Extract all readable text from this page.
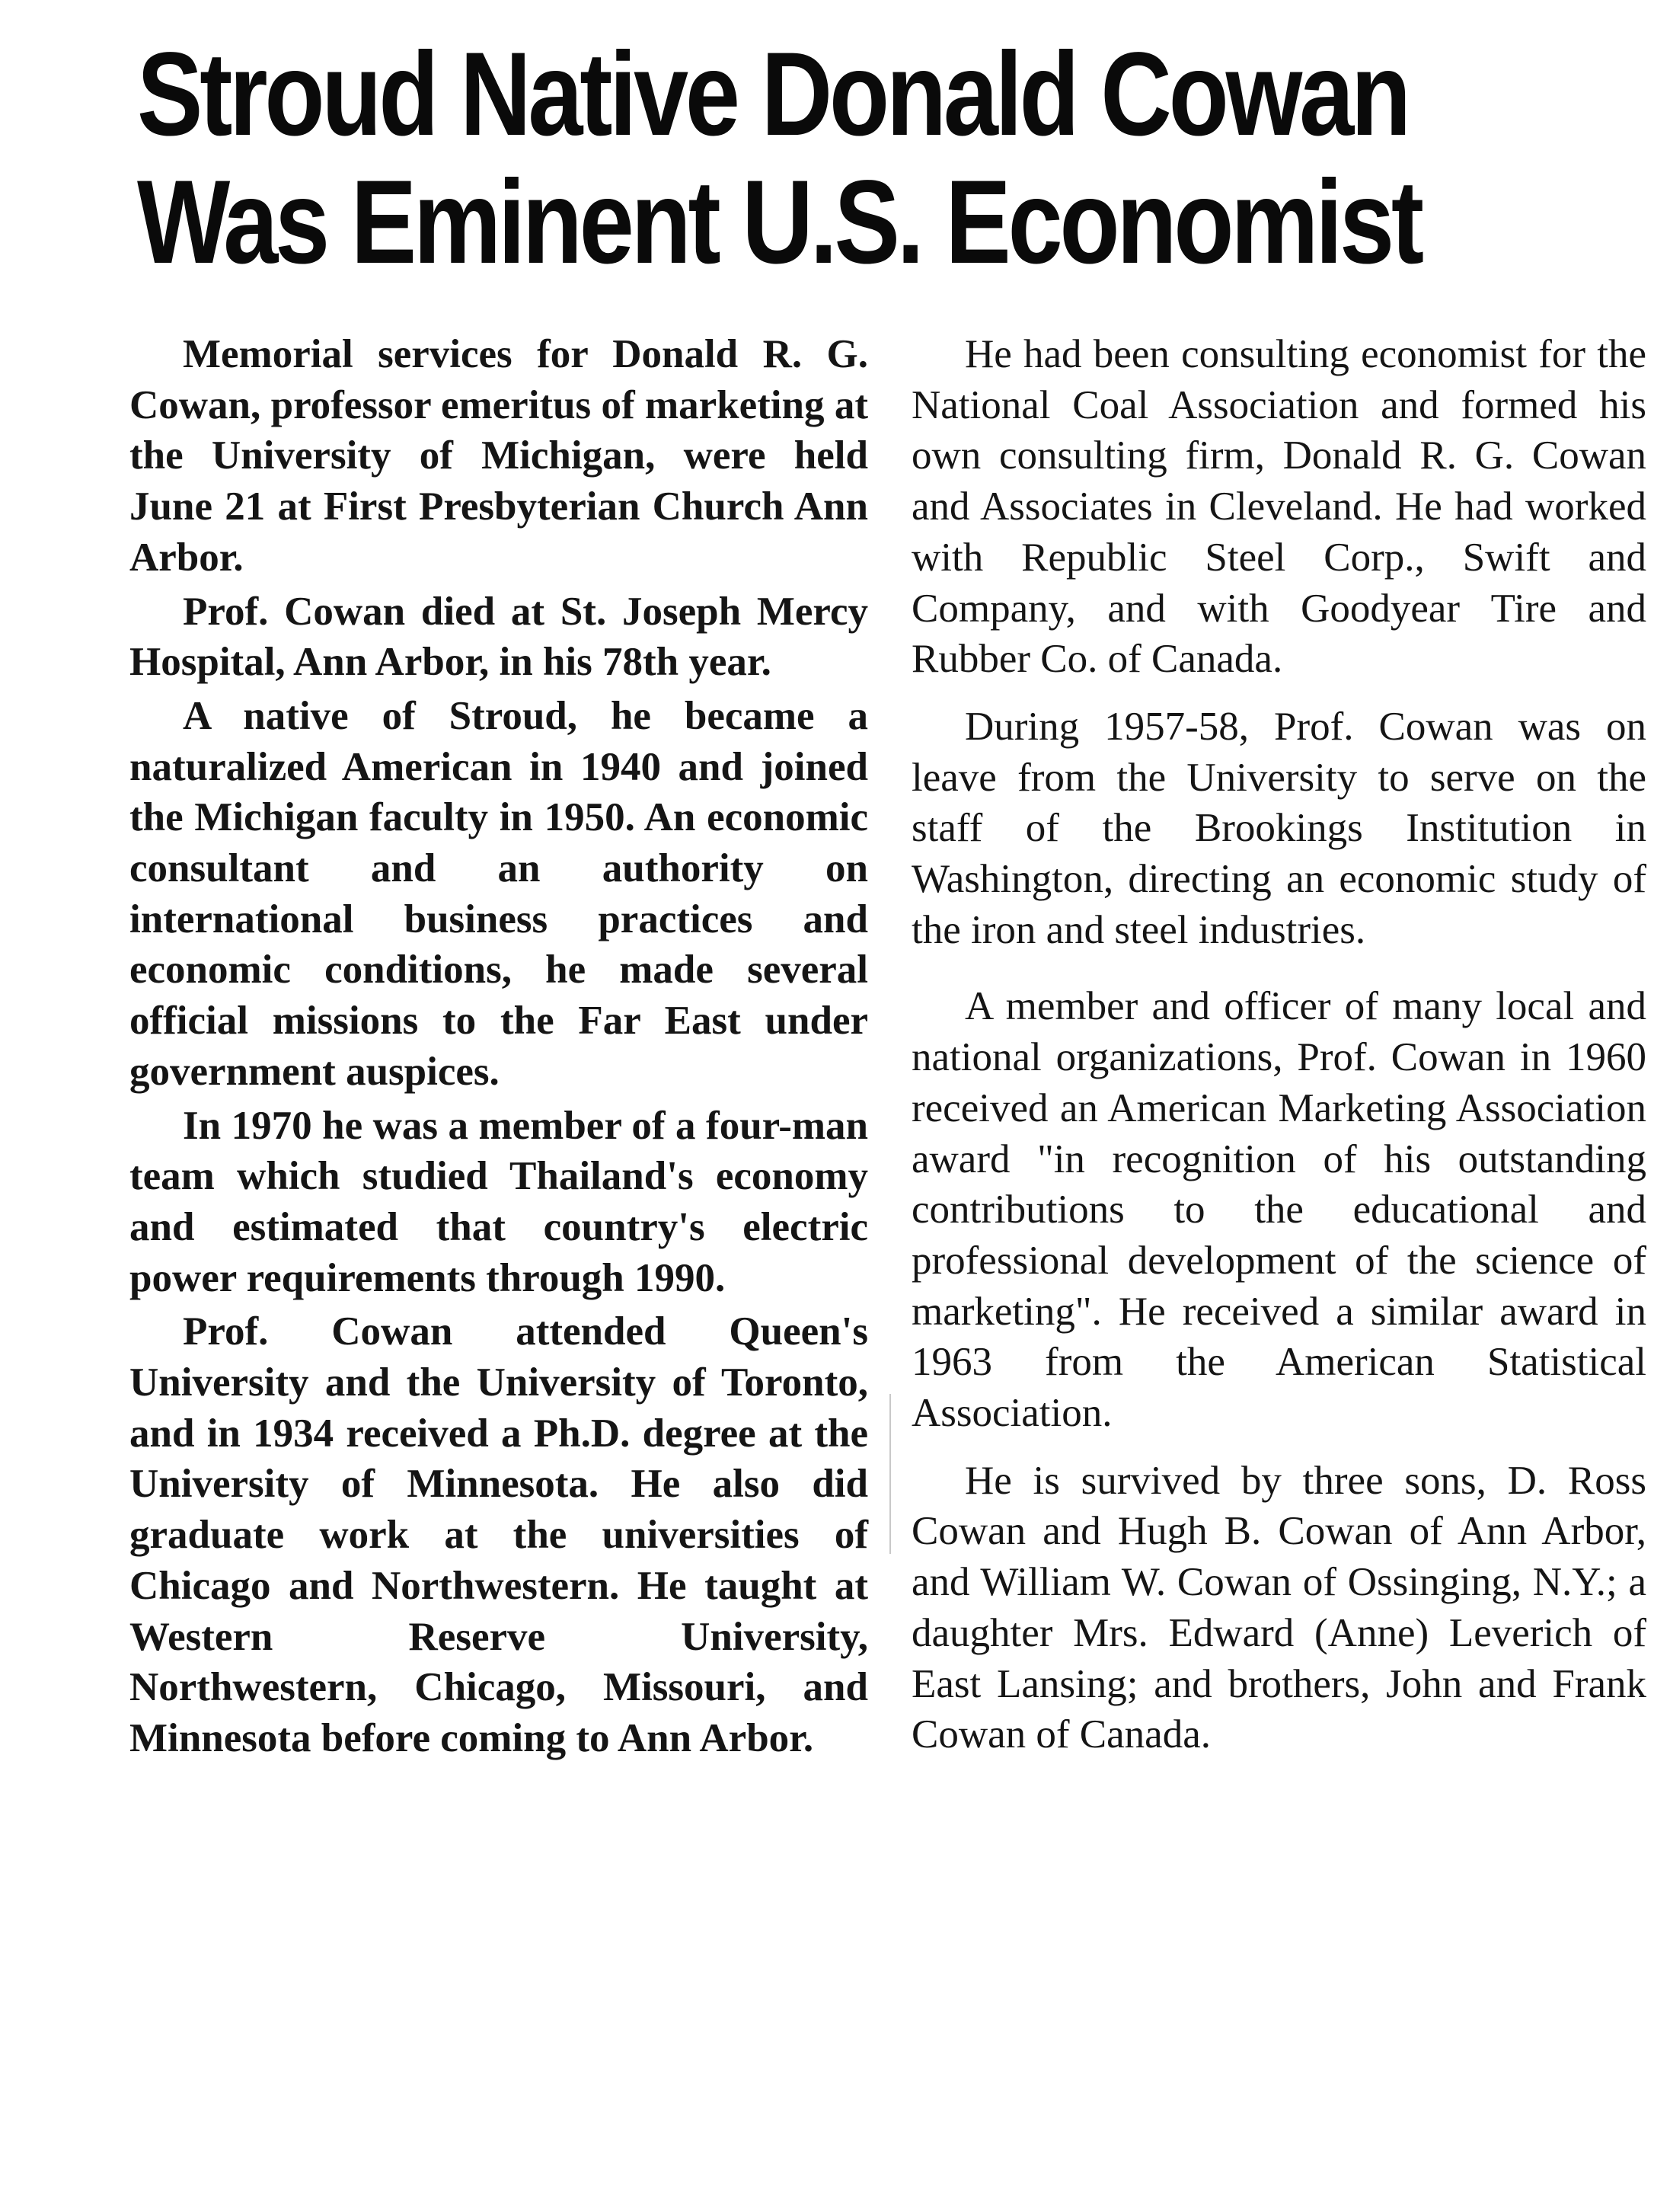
Stroud Native Donald Cowan
Was Eminent U.S. Economist

Memorial services for Donald R. G. Cowan, professor emeritus of marketing at the University of Michigan, were held June 21 at First Presbyterian Church Ann Arbor.

Prof. Cowan died at St. Joseph Mercy Hospital, Ann Arbor, in his 78th year.

A native of Stroud, he became a naturalized American in 1940 and joined the Michigan faculty in 1950. An economic consultant and an authority on international business practices and economic conditions, he made several official missions to the Far East under government auspices.

In 1970 he was a member of a four-man team which studied Thailand's economy and estimated that country's electric power requirements through 1990.

Prof. Cowan attended Queen's University and the University of Toronto, and in 1934 received a Ph.D. degree at the University of Minnesota. He also did graduate work at the universities of Chicago and Northwestern. He taught at Western Reserve University, Northwestern, Chicago, Missouri, and Minnesota before coming to Ann Arbor.

He had been consulting economist for the National Coal Association and formed his own consulting firm, Donald R. G. Cowan and Associates in Cleveland. He had worked with Republic Steel Corp., Swift and Company, and with Goodyear Tire and Rubber Co. of Canada.

During 1957-58, Prof. Cowan was on leave from the University to serve on the staff of the Brookings Institution in Washington, directing an economic study of the iron and steel industries.

A member and officer of many local and national organizations, Prof. Cowan in 1960 received an American Marketing Association award "in recognition of his outstanding contributions to the educational and professional development of the science of marketing". He received a similar award in 1963 from the American Statistical Association.

He is survived by three sons, D. Ross Cowan and Hugh B. Cowan of Ann Arbor, and William W. Cowan of Ossinging, N.Y.; a daughter Mrs. Edward (Anne) Leverich of East Lansing; and brothers, John and Frank Cowan of Canada.
